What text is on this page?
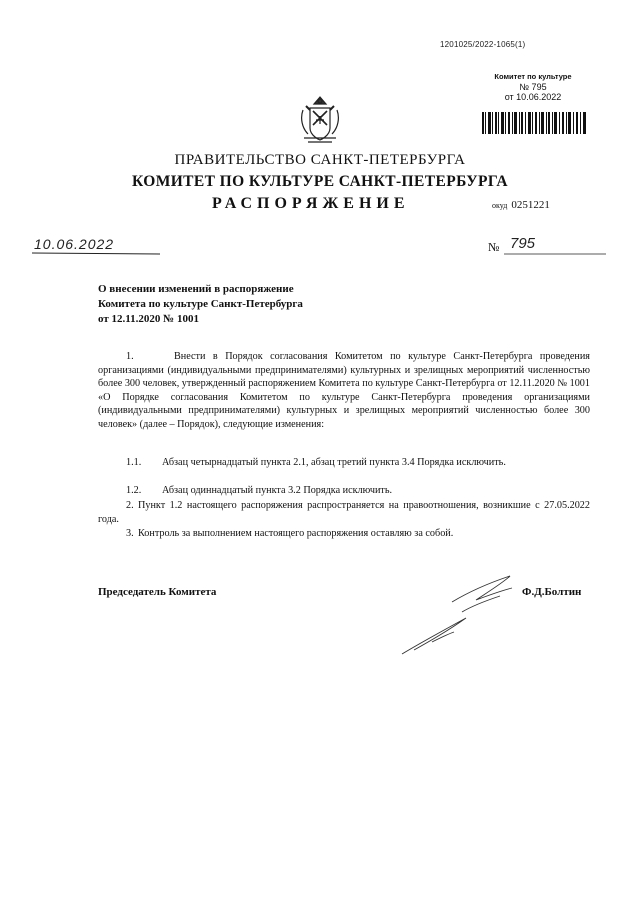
1201025/2022-1065(1)
Комитет по культуре
№ 795
от 10.06.2022
ПРАВИТЕЛЬСТВО САНКТ-ПЕТЕРБУРГА
КОМИТЕТ ПО КУЛЬТУРЕ САНКТ-ПЕТЕРБУРГА
РАСПОРЯЖЕНИЕ	окуд 0251221
10.06.2022	№ 795
О внесении изменений в распоряжение
Комитета по культуре Санкт-Петербурга
от 12.11.2020 № 1001
1.	Внести в Порядок согласования Комитетом по культуре Санкт-Петербурга проведения организациями (индивидуальными предпринимателями) культурных и зрелищных мероприятий численностью более 300 человек, утвержденный распоряжением Комитета по культуре Санкт-Петербурга от 12.11.2020 № 1001 «О Порядке согласования Комитетом по культуре Санкт-Петербурга проведения организациями (индивидуальными предпринимателями) культурных и зрелищных мероприятий численностью более 300 человек» (далее – Порядок), следующие изменения:
1.1. Абзац четырнадцатый пункта 2.1, абзац третий пункта 3.4 Порядка исключить.
1.2. Абзац одиннадцатый пункта 3.2 Порядка исключить.
2. Пункт 1.2 настоящего распоряжения распространяется на правоотношения, возникшие с 27.05.2022 года.
3. Контроль за выполнением настоящего распоряжения оставляю за собой.
Председатель Комитета	Ф.Д.Болтин
